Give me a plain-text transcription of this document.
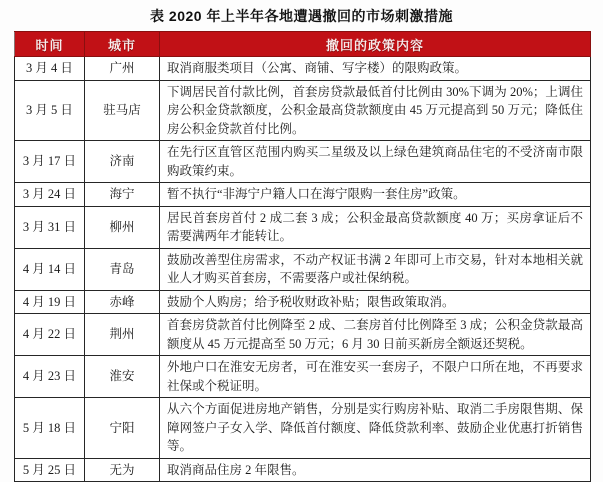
表 2020 年上半年各地遭遇撤回的市场刺激措施
时间	城市	撤回的政策内容
3 月 4 日	广州	取消商服类项目（公寓、商铺、写字楼）的限购政策。
3 月 5 日	驻马店	下调居民首付款比例，首套房贷款最低首付比例由 30%下调为 20%；上调住房公积金贷款额度，公积金最高贷款额度由 45 万元提高到 50 万元；降低住房公积金贷款首付比例。
3 月 17 日	济南	在先行区直管区范围内购买二星级及以上绿色建筑商品住宅的不受济南市限购政策约束。
3 月 24 日	海宁	暂不执行“非海宁户籍人口在海宁限购一套住房”政策。
3 月 31 日	柳州	居民首套房首付 2 成二套 3 成；公积金最高贷款额度 40 万；买房拿证后不需要满两年才能转让。
4 月 14 日	青岛	鼓励改善型住房需求，不动产权证书满 2 年即可上市交易，针对本地相关就业人才购买首套房，不需要落户或社保纳税。
4 月 19 日	赤峰	鼓励个人购房；给予税收财政补贴；限售政策取消。
4 月 22 日	荆州	首套房贷款首付比例降至 2 成、二套房首付比例降至 3 成；公积金贷款最高额度从 45 万元提高至 50 万元；6 月 30 日前买新房全额返还契税。
4 月 23 日	淮安	外地户口在淮安无房者，可在淮安买一套房子，不限户口所在地，不再要求社保或个税证明。
5 月 18 日	宁阳	从六个方面促进房地产销售，分别是实行购房补贴、取消二手房限售期、保障网签户子女入学、降低首付额度、降低贷款利率、鼓励企业优惠打折销售等。
5 月 25 日	无为	取消商品住房 2 年限售。
